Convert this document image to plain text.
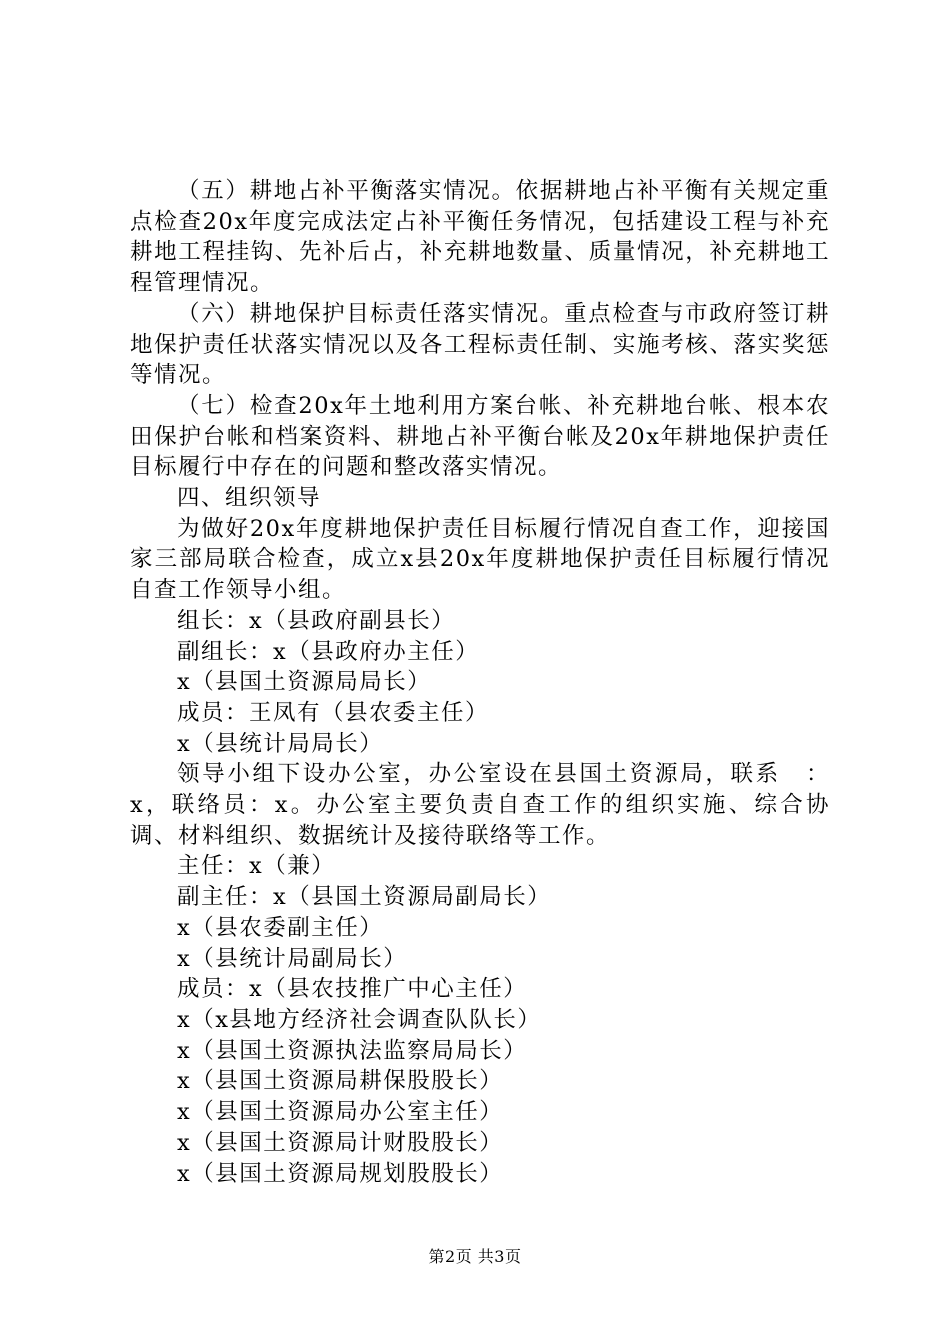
（五）耕地占补平衡落实情况。依据耕地占补平衡有关规定重点检查20x年度完成法定占补平衡任务情况，包括建设工程与补充耕地工程挂钩、先补后占，补充耕地数量、质量情况，补充耕地工程管理情况。

（六）耕地保护目标责任落实情况。重点检查与市政府签订耕地保护责任状落实情况以及各工程标责任制、实施考核、落实奖惩等情况。

（七）检查20x年土地利用方案台帐、补充耕地台帐、根本农田保护台帐和档案资料、耕地占补平衡台帐及20x年耕地保护责任目标履行中存在的问题和整改落实情况。

四、组织领导

为做好20x年度耕地保护责任目标履行情况自查工作，迎接国家三部局联合检查，成立x县20x年度耕地保护责任目标履行情况自查工作领导小组。

组长：x（县政府副县长）

副组长：x（县政府办主任）

x（县国土资源局局长）

成员：王凤有（县农委主任）

x（县统计局局长）

领导小组下设办公室，办公室设在县国土资源局，联系　：x，联络员：x。办公室主要负责自查工作的组织实施、综合协调、材料组织、数据统计及接待联络等工作。

主任：x（兼）

副主任：x（县国土资源局副局长）

x（县农委副主任）

x（县统计局副局长）

成员：x（县农技推广中心主任）

x（x县地方经济社会调查队队长）

x（县国土资源执法监察局局长）

x（县国土资源局耕保股股长）

x（县国土资源局办公室主任）

x（县国土资源局计财股股长）

x（县国土资源局规划股股长）

第2页 共3页
